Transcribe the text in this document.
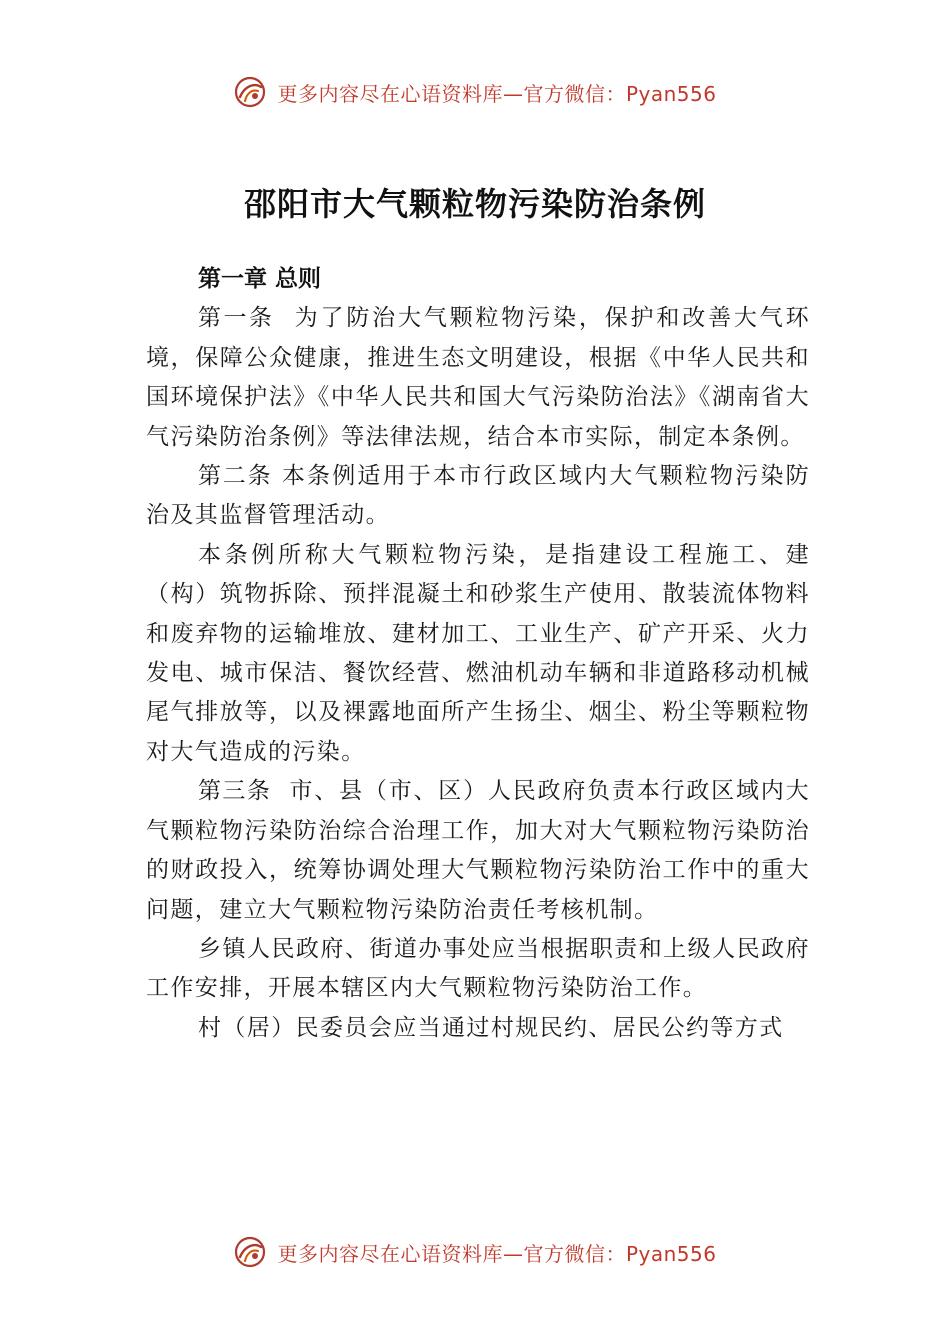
更多内容尽在心语资料库—官方微信：Pyan556
邵阳市大气颗粒物污染防治条例

第一章 总则

第一条 为了防治大气颗粒物污染，保护和改善大气环境，保障公众健康，推进生态文明建设，根据《中华人民共和国环境保护法》《中华人民共和国大气污染防治法》《湖南省大气污染防治条例》等法律法规，结合本市实际，制定本条例。

第二条 本条例适用于本市行政区域内大气颗粒物污染防治及其监督管理活动。

本条例所称大气颗粒物污染，是指建设工程施工、建（构）筑物拆除、预拌混凝土和砂浆生产使用、散装流体物料和废弃物的运输堆放、建材加工、工业生产、矿产开采、火力发电、城市保洁、餐饮经营、燃油机动车辆和非道路移动机械尾气排放等，以及裸露地面所产生扬尘、烟尘、粉尘等颗粒物对大气造成的污染。

第三条 市、县（市、区）人民政府负责本行政区域内大气颗粒物污染防治综合治理工作，加大对大气颗粒物污染防治的财政投入，统筹协调处理大气颗粒物污染防治工作中的重大问题，建立大气颗粒物污染防治责任考核机制。

乡镇人民政府、街道办事处应当根据职责和上级人民政府工作安排，开展本辖区内大气颗粒物污染防治工作。

村（居）民委员会应当通过村规民约、居民公约等方式

更多内容尽在心语资料库—官方微信：Pyan556
